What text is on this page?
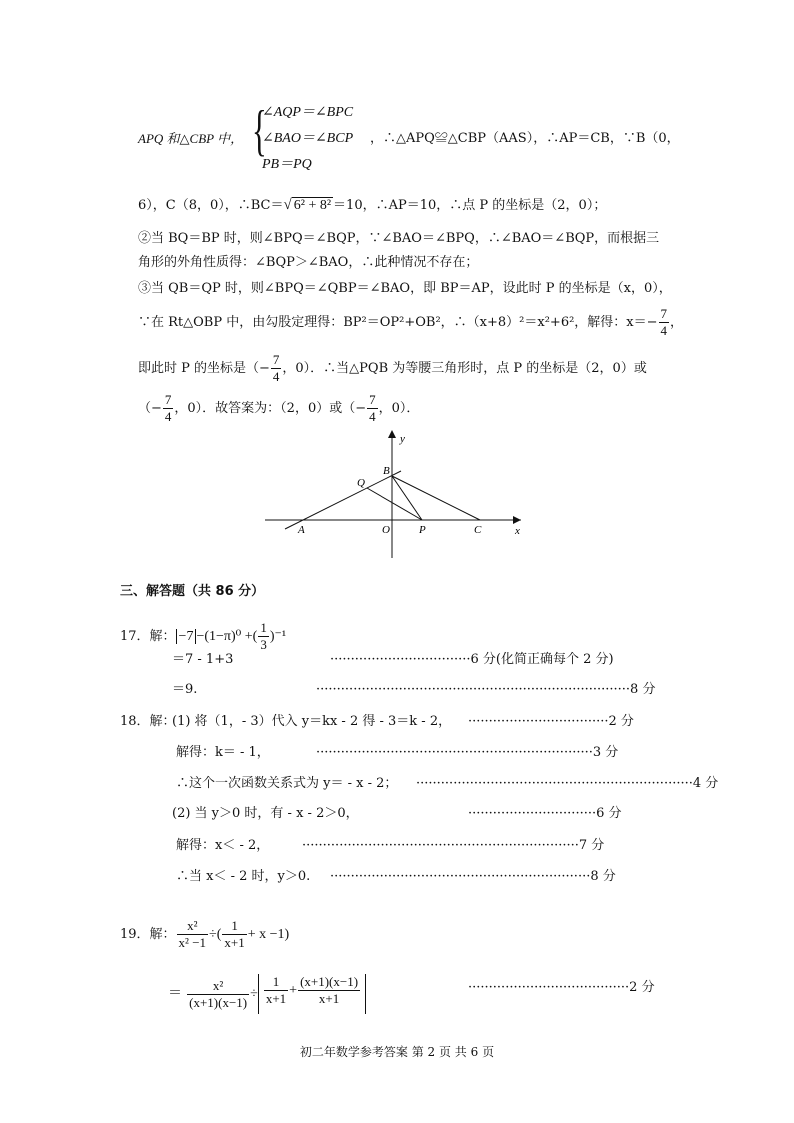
APQ 和△CBP 中， {
∠AQP＝∠BPC
∠BAO＝∠BCP
PB＝PQ
，∴△APQ≌△CBP（AAS），∴AP＝CB，∵B（0，
6），C（8，0），∴BC＝√ 6² + 8² ＝10，∴AP＝10，∴点 P 的坐标是（2，0）；
②当 BQ＝BP 时，则∠BPQ＝∠BQP，∵∠BAO＝∠BPQ，∴∠BAO＝∠BQP，而根据三
角形的外角性质得：∠BQP＞∠BAO，∴此种情况不存在；
③当 QB＝QP 时，则∠BPQ＝∠QBP＝∠BAO，即 BP＝AP，设此时 P 的坐标是（x，0），
∵在 Rt△OBP 中，由勾股定理得：BP²＝OP²+OB²，∴（x+8）²＝x²+6²，解得：$x=- \frac{7}{4}$ ，
即此时 P 的坐标是（− $\frac{7}{4}$ ，0）．∴当△PQB 为等腰三角形时，点 P 的坐标是（2，0）或
（− $\frac{7}{4}$ ，0）．故答案为：（2，0）或（− $\frac{7}{4}$ ，0）．
y
x
B
Q
A	O	P	C
三、解答题（共 86 分）
17．解： −7 −(1−π)⁰ +( $\frac{1}{3} )^{-1}$
＝7 - 1+3	··································6 分(化简正确每个 2 分)
＝9.	············································································8 分
18．解：
(1) 将（1，- 3）代入 y＝kx - 2 得 - 3＝k - 2， ··································2 分
解得：k＝ - 1，	···································································3 分
∴这个一次函数关系式为 y＝ - x - 2； ···································································4 分
(2) 当 y＞0 时，有 - x - 2＞0，	·······························6 分
解得：x＜ - 2，	···································································7 分
∴当 x＜ - 2 时，y＞0. ·······························································8 分
19．解： $\frac{\text{x²}}{\text{x² −1}}$ ÷( $\frac{1}{x+1} + x -1$)
＝ $\frac{\text{x²}}{(x+1)(x-1)} \div \frac{1}{x+1} + \frac{(x+1)(x-1)}{x+1}$	·······································2 分
初二年数学参考答案 第 2 页 共 6 页
